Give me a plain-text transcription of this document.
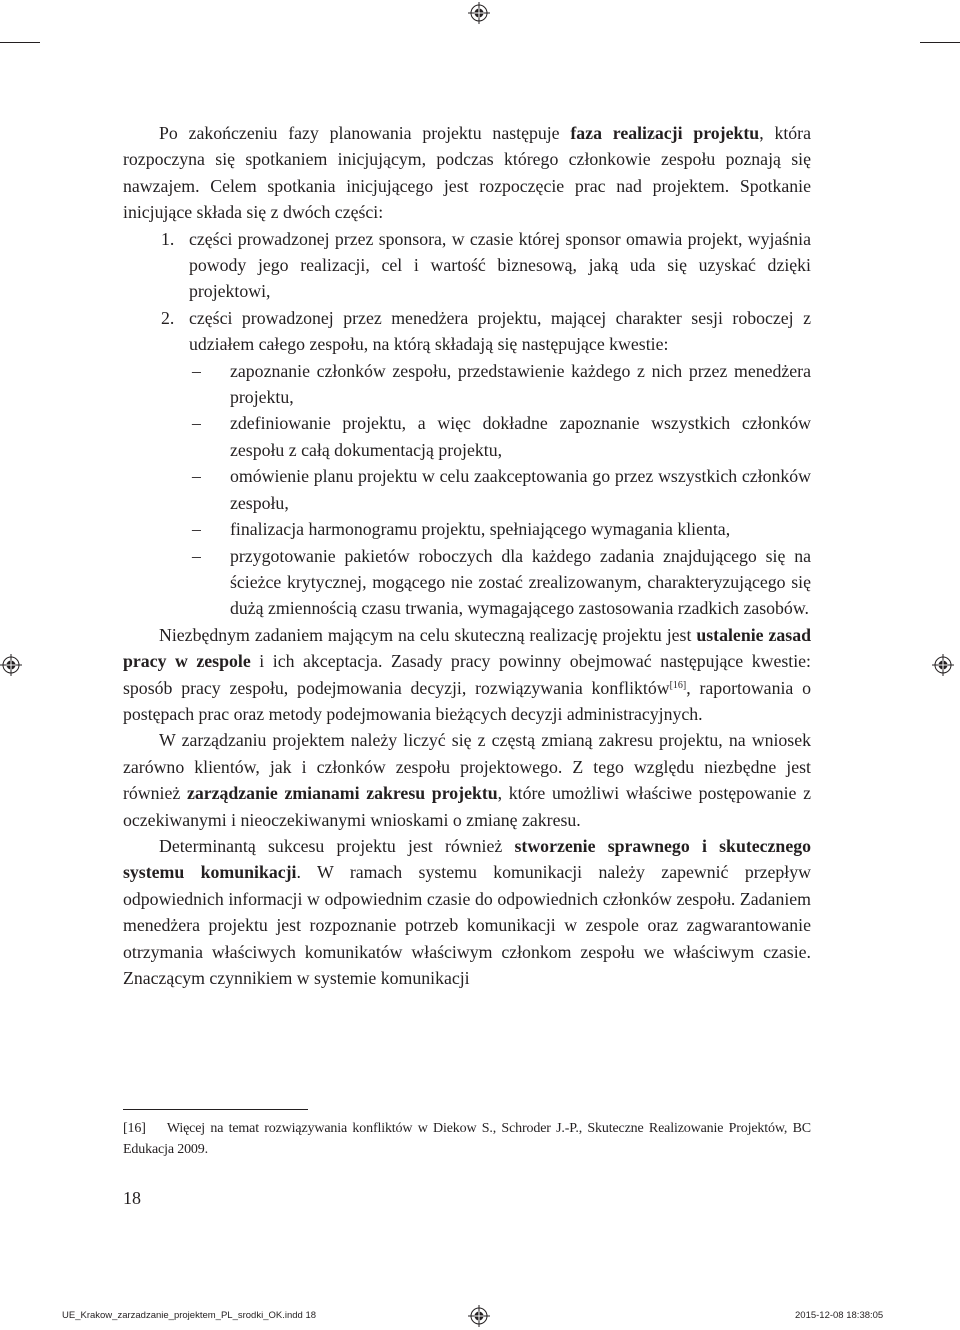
Po zakończeniu fazy planowania projektu następuje faza realizacji projektu, która rozpoczyna się spotkaniem inicjującym, podczas którego członkowie zespołu poznają się nawzajem. Celem spotkania inicjującego jest rozpoczęcie prac nad projektem. Spotkanie inicjujące składa się z dwóch części:

1. części prowadzonej przez sponsora, w czasie której sponsor omawia projekt, wyjaśnia powody jego realizacji, cel i wartość biznesową, jaką uda się uzyskać dzięki projektowi,
2. części prowadzonej przez menedżera projektu, mającej charakter sesji roboczej z udziałem całego zespołu, na którą składają się następujące kwestie:
– zapoznanie członków zespołu, przedstawienie każdego z nich przez menedżera projektu,
– zdefiniowanie projektu, a więc dokładne zapoznanie wszystkich członków zespołu z całą dokumentacją projektu,
– omówienie planu projektu w celu zaakceptowania go przez wszystkich członków zespołu,
– finalizacja harmonogramu projektu, spełniającego wymagania klienta,
– przygotowanie pakietów roboczych dla każdego zadania znajdującego się na ścieżce krytycznej, mogącego nie zostać zrealizowanym, charakteryzującego się dużą zmiennością czasu trwania, wymagającego zastosowania rzadkich zasobów.

Niezbędnym zadaniem mającym na celu skuteczną realizację projektu jest ustalenie zasad pracy w zespole i ich akceptacja. Zasady pracy powinny obejmować następujące kwestie: sposób pracy zespołu, podejmowania decyzji, rozwiązywania konfliktów[16], raportowania o postępach prac oraz metody podejmowania bieżących decyzji administracyjnych.

W zarządzaniu projektem należy liczyć się z częstą zmianą zakresu projektu, na wniosek zarówno klientów, jak i członków zespołu projektowego. Z tego względu niezbędne jest również zarządzanie zmianami zakresu projektu, które umożliwi właściwe postępowanie z oczekiwanymi i nieoczekiwanymi wnioskami o zmianę zakresu.

Determinantą sukcesu projektu jest również stworzenie sprawnego i skutecznego systemu komunikacji. W ramach systemu komunikacji należy zapewnić przepływ odpowiednich informacji w odpowiednim czasie do odpowiednich członków zespołu. Zadaniem menedżera projektu jest rozpoznanie potrzeb komunikacji w zespole oraz zagwarantowanie otrzymania właściwych komunikatów właściwym członkom zespołu we właściwym czasie. Znaczącym czynnikiem w systemie komunikacji

[16] Więcej na temat rozwiązywania konfliktów w Diekow S., Schroder J.-P., Skuteczne Realizowanie Projektów, BC Edukacja 2009.
18
UE_Krakow_zarzadzanie_projektem_PL_srodki_OK.indd 18	2015-12-08 18:38:05
